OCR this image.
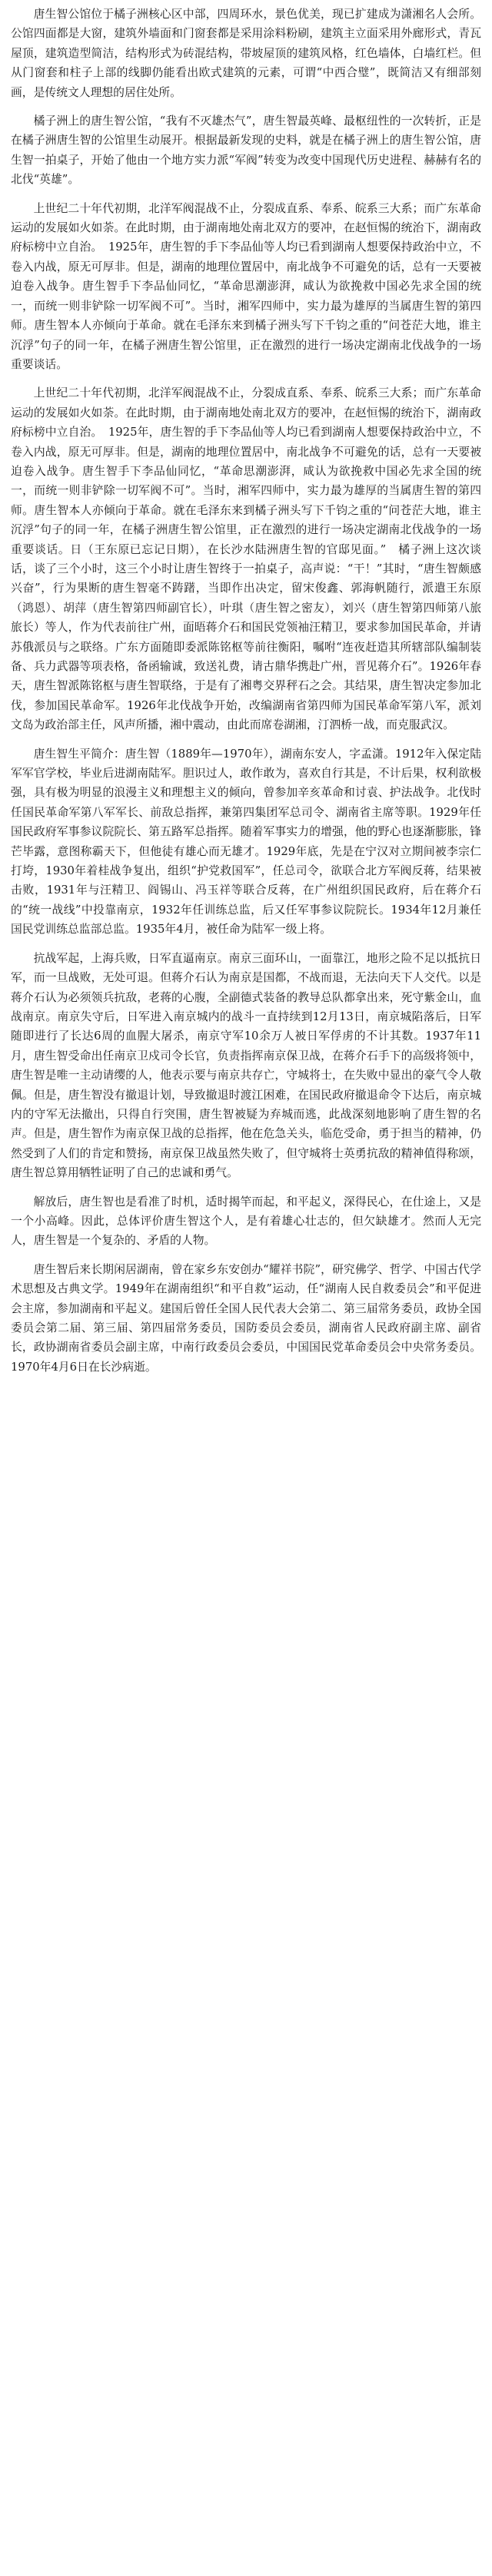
唐生智公馆位于橘子洲核心区中部，四周环水，景色优美，现已扩建成为潇湘名人会所。公馆四面都是大窗，建筑外墙面和门窗套都是采用涂料粉刷，建筑主立面采用外廊形式，青瓦屋顶，建筑造型简洁，结构形式为砖混结构，带坡屋顶的建筑风格，红色墙体，白墙红栏。但从门窗套和柱子上部的线脚仍能看出欧式建筑的元素，可谓“中西合璧”，既简洁又有细部刻画，是传统文人理想的居住处所。

橘子洲上的唐生智公馆，“我有不灭雄杰气”，唐生智最英峰、最枢纽性的一次转折，正是在橘子洲唐生智的公馆里生动展开。根据最新发现的史料，就是在橘子洲上的唐生智公馆，唐生智一拍桌子，开始了他由一个地方实力派“军阀”转变为改变中国现代历史进程、赫赫有名的北伐“英雄”。

上世纪二十年代初期，北洋军阀混战不止，分裂成直系、奉系、皖系三大系；而广东革命运动的发展如火如荼。在此时期，由于湖南地处南北双方的要冲，在赵恒惕的统治下，湖南政府标榜中立自治。　1925年，唐生智的手下李品仙等人均已看到湖南人想要保持政治中立，不卷入内战，原无可厚非。但是，湖南的地理位置居中，南北战争不可避免的话，总有一天要被迫卷入战争。唐生智手下李品仙同忆，“革命思潮澎湃，咸认为欲挽救中国必先求全国的统一，而统一则非铲除一切军阀不可”。当时，湘军四师中，实力最为雄厚的当属唐生智的第四师。唐生智本人亦倾向于革命。就在毛泽东来到橘子洲头写下千钧之重的“问苍茫大地，谁主沉浮”句子的同一年，在橘子洲唐生智公馆里，正在激烈的进行一场决定湖南北伐战争的一场重要谈话。

上世纪二十年代初期，北洋军阀混战不止，分裂成直系、奉系、皖系三大系；而广东革命运动的发展如火如荼。在此时期，由于湖南地处南北双方的要冲，在赵恒惕的统治下，湖南政府标榜中立自治。　1925年，唐生智的手下李品仙等人均已看到湖南人想要保持政治中立，不卷入内战，原无可厚非。但是，湖南的地理位置居中，南北战争不可避免的话，总有一天要被迫卷入战争。唐生智手下李品仙同忆，“革命思潮澎湃，咸认为欲挽救中国必先求全国的统一，而统一则非铲除一切军阀不可”。当时，湘军四师中，实力最为雄厚的当属唐生智的第四师。唐生智本人亦倾向于革命。就在毛泽东来到橘子洲头写下千钧之重的“问苍茫大地，谁主沉浮”句子的同一年，在橘子洲唐生智公馆里，正在激烈的进行一场决定湖南北伐战争的一场重要谈话。日（王东原已忘记日期），在长沙水陆洲唐生智的官邸见面。”　橘子洲上这次谈话，谈了三个小时，这三个小时让唐生智终于一拍桌子，高声说：“干！”其时，“唐生智颇感兴奋”，行为果断的唐生智毫不踌躇，当即作出决定，留宋俊鑫、郭海帆随行，派遣王东原（鸿恩）、胡萍（唐生智第四师副官长），叶琪（唐生智之密友），刘兴（唐生智第四师第八旅旅长）等人，作为代表前往广州，面晤蒋介石和国民党领袖汪精卫，要求参加国民革命，并请苏俄派员与之联络。广东方面随即委派陈铭枢等前往衡阳，嘱咐“连夜赶造其所辖部队编制装备、兵力武器等项表格，备函输诚，致送礼费，请古鼎华携赴广州，晋见蒋介石”。1926年春天，唐生智派陈铭枢与唐生智联络，于是有了湘粤交界秤石之会。其结果，唐生智决定参加北伐，参加国民革命军。1926年北伐战争开始，改编湖南省第四师为国民革命军第八军，派刘文岛为政治部主任，风声所播，湘中震动，由此而席卷湖湘，汀泗桥一战，而克服武汉。

唐生智生平简介：唐生智（1889年—1970年），湖南东安人，字孟潇。1912年入保定陆军军官学校，毕业后进湖南陆军。胆识过人，敢作敢为，喜欢自行其是，不计后果，权利欲极强，具有极为明显的浪漫主义和理想主义的倾向，曾参加辛亥革命和讨袁、护法战争。北伐时任国民革命军第八军军长、前敌总指挥，兼第四集团军总司令、湖南省主席等职。1929年任国民政府军事参议院院长、第五路军总指挥。随着军事实力的增强，他的野心也逐渐膨胀，锋芒毕露，意图称霸天下，但他徒有雄心而无雄才。1929年底，先是在宁汉对立期间被李宗仁打垮，1930年着桂战争复出，组织“护党救国军”，任总司令，欲联合北方军阀反蒋，结果被击败，1931年与汪精卫、阎锡山、冯玉祥等联合反蒋，在广州组织国民政府，后在蒋介石的“统一战线”中投靠南京，1932年任训练总监，后又任军事参议院院长。1934年12月兼任国民党训练总监部总监。1935年4月，被任命为陆军一级上将。

抗战军起，上海兵败，日军直逼南京。南京三面环山，一面靠江，地形之险不足以抵抗日军，而一旦战败，无处可退。但蒋介石认为南京是国都，不战而退，无法向天下人交代。以是蒋介石认为必须领兵抗敌，老蒋的心腹，全副德式装备的教导总队都拿出来，死守紫金山，血战南京。南京失守后，日军进入南京城内的战斗一直持续到12月13日，南京城陷落后，日军随即进行了长达6周的血腥大屠杀，南京守军10余万人被日军俘虏的不计其数。1937年11月，唐生智受命出任南京卫戍司令长官，负责指挥南京保卫战，在蒋介石手下的高级将领中，唐生智是唯一主动请缨的人，他表示要与南京共存亡，守城将士，在失败中显出的豪气令人敬佩。但是，唐生智没有撤退计划，导致撤退时渡江困难，在国民政府撤退命令下达后，南京城内的守军无法撤出，只得自行突围，唐生智被疑为弃城而逃，此战深刻地影响了唐生智的名声。但是，唐生智作为南京保卫战的总指挥，他在危急关头，临危受命，勇于担当的精神，仍然受到了人们的肯定和赞扬，南京保卫战虽然失败了，但守城将士英勇抗敌的精神值得称颂，唐生智总算用牺牲证明了自己的忠诚和勇气。

解放后，唐生智也是看准了时机，适时揭竿而起，和平起义，深得民心，在仕途上，又是一个小高峰。因此，总体评价唐生智这个人，是有着雄心壮志的，但欠缺雄才。然而人无完人，唐生智是一个复杂的、矛盾的人物。

唐生智后来长期闲居湖南，曾在家乡东安创办“耀祥书院”，研究佛学、哲学、中国古代学术思想及古典文学。1949年在湖南组织“和平自救”运动，任“湖南人民自救委员会”和平促进会主席，参加湖南和平起义。建国后曾任全国人民代表大会第二、第三届常务委员，政协全国委员会第二届、第三届、第四届常务委员，国防委员会委员，湖南省人民政府副主席、副省长，政协湖南省委员会副主席，中南行政委员会委员，中国国民党革命委员会中央常务委员。1970年4月6日在长沙病逝。
